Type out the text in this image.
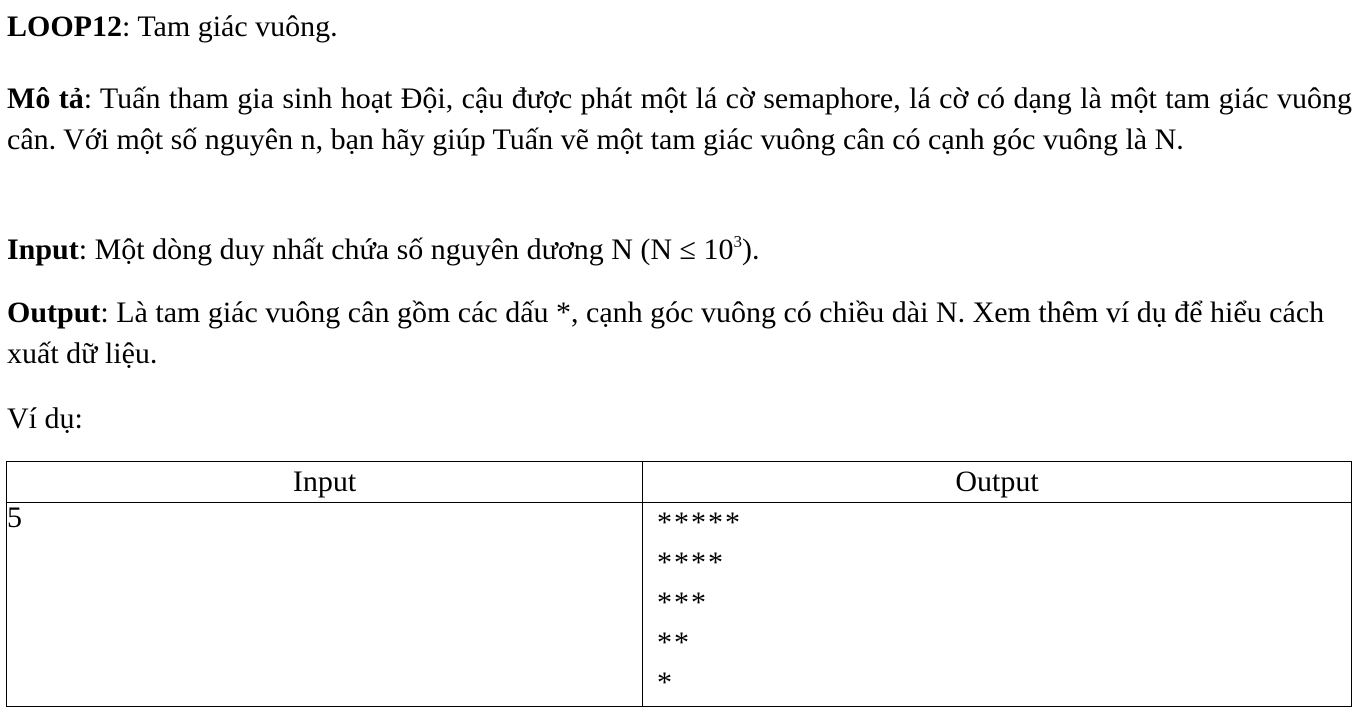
LOOP12: Tam giác vuông.

Mô tả: Tuấn tham gia sinh hoạt Đội, cậu được phát một lá cờ semaphore, lá cờ có dạng là một tam giác vuông cân. Với một số nguyên n, bạn hãy giúp Tuấn vẽ một tam giác vuông cân có cạnh góc vuông là N.

Input: Một dòng duy nhất chứa số nguyên dương N $(N \le 10^3)$.

Output: Là tam giác vuông cân gồm các dấu *, cạnh góc vuông có chiều dài N. Xem thêm ví dụ để hiểu cách xuất dữ liệu.

Ví dụ:

Input	Output
5	*****
****
***
**
*
